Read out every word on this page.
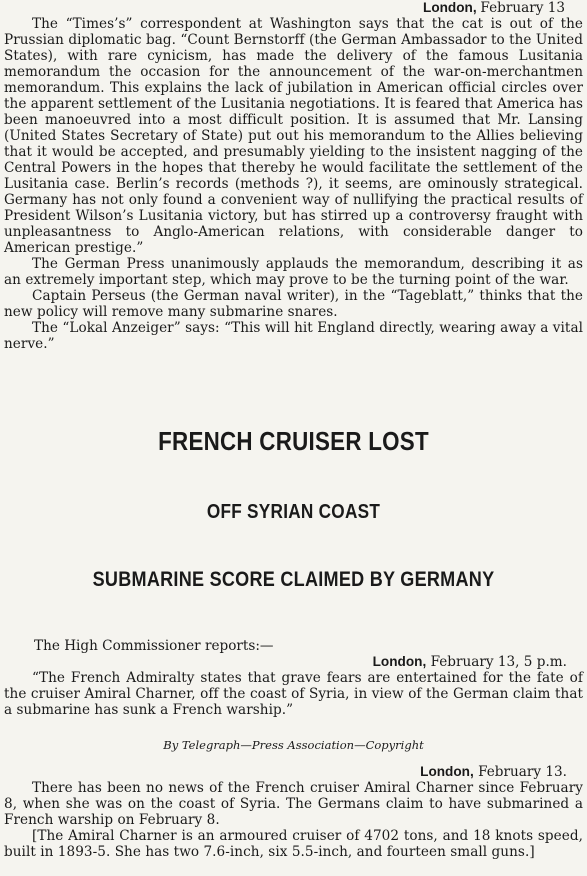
London, February 13

The “Times’s” correspondent at Washington says that the cat is out of the Prussian diplomatic bag. “Count Bernstorff (the German Ambassador to the United States), with rare cynicism, has made the delivery of the famous Lusitania memorandum the occasion for the announcement of the war-on-merchantmen memorandum. This explains the lack of jubilation in American official circles over the apparent settlement of the Lusitania negotiations. It is feared that America has been manoeuvred into a most difficult position. It is assumed that Mr. Lansing (United States Secretary of State) put out his memorandum to the Allies believing that it would be accepted, and presumably yielding to the insistent nagging of the Central Powers in the hopes that thereby he would facilitate the settlement of the Lusitania case. Berlin’s records (methods ?), it seems, are ominously strategical. Germany has not only found a convenient way of nullifying the practical results of President Wilson’s Lusitania victory, but has stirred up a controversy fraught with unpleasantness to Anglo-American relations, with considerable danger to American prestige.”

The German Press unanimously applauds the memorandum, describing it as an extremely important step, which may prove to be the turning point of the war.

Captain Perseus (the German naval writer), in the “Tageblatt,” thinks that the new policy will remove many submarine snares.

The “Lokal Anzeiger” says: “This will hit England directly, wearing away a vital nerve.”

FRENCH CRUISER LOST
OFF SYRIAN COAST
SUBMARINE SCORE CLAIMED BY GERMANY

The High Commissioner reports:—

London, February 13, 5 p.m.

“The French Admiralty states that grave fears are entertained for the fate of the cruiser Amiral Charner, off the coast of Syria, in view of the German claim that a submarine has sunk a French warship.”

By Telegraph—Press Association—Copyright

London, February 13.

There has been no news of the French cruiser Amiral Charner since February 8, when she was on the coast of Syria. The Germans claim to have submarined a French warship on February 8.

[The Amiral Charner is an armoured cruiser of 4702 tons, and 18 knots speed, built in 1893-5. She has two 7.6-inch, six 5.5-inch, and fourteen small guns.]
